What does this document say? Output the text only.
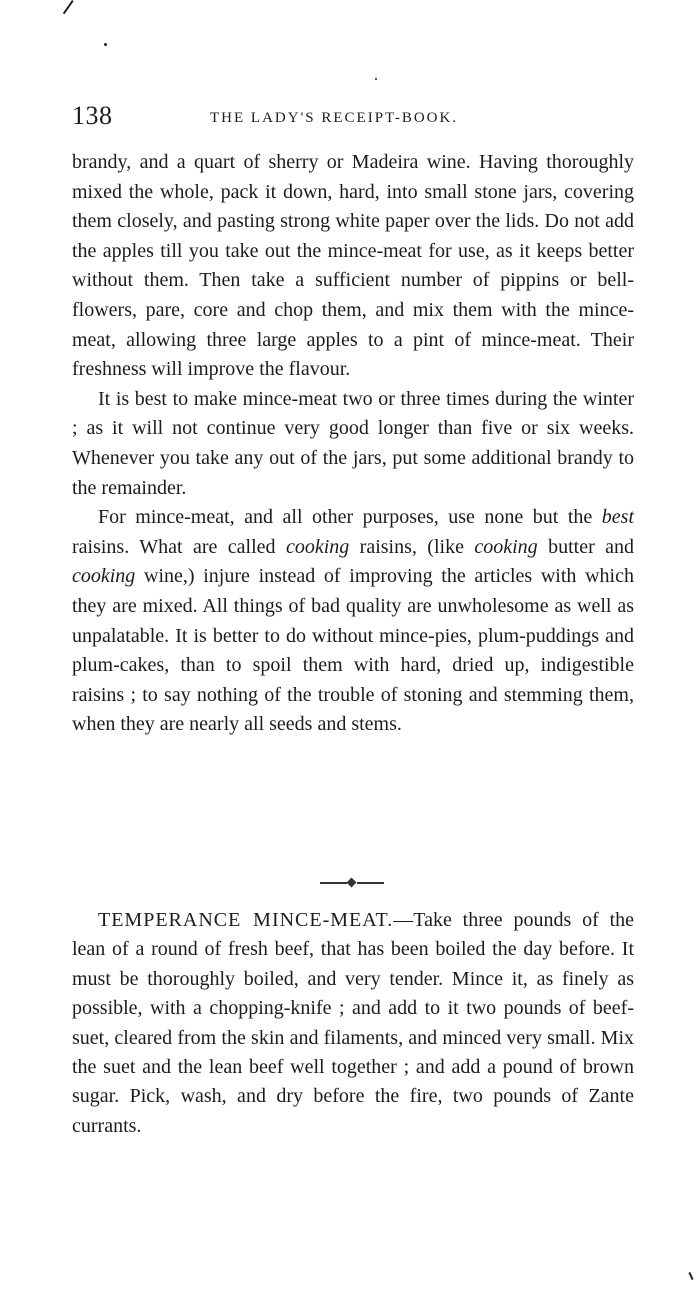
138	THE LADY'S RECEIPT-BOOK.

brandy, and a quart of sherry or Madeira wine. Having thoroughly mixed the whole, pack it down, hard, into small stone jars, covering them closely, and pasting strong white paper over the lids. Do not add the apples till you take out the mince-meat for use, as it keeps better without them. Then take a sufficient number of pippins or bell-flowers, pare, core and chop them, and mix them with the mince-meat, allowing three large apples to a pint of mince-meat. Their freshness will improve the flavour.

It is best to make mince-meat two or three times during the winter ; as it will not continue very good longer than five or six weeks. Whenever you take any out of the jars, put some additional brandy to the remainder.

For mince-meat, and all other purposes, use none but the best raisins. What are called cooking raisins, (like cooking butter and cooking wine,) injure instead of improving the articles with which they are mixed. All things of bad quality are unwholesome as well as unpalatable. It is better to do without mince-pies, plum-puddings and plum-cakes, than to spoil them with hard, dried up, indigestible raisins ; to say nothing of the trouble of stoning and stemming them, when they are nearly all seeds and stems.

TEMPERANCE MINCE-MEAT.—Take three pounds of the lean of a round of fresh beef, that has been boiled the day before. It must be thoroughly boiled, and very tender. Mince it, as finely as possible, with a chopping-knife ; and add to it two pounds of beef-suet, cleared from the skin and filaments, and minced very small. Mix the suet and the lean beef well together ; and add a pound of brown sugar. Pick, wash, and dry before the fire, two pounds of Zante currants.
